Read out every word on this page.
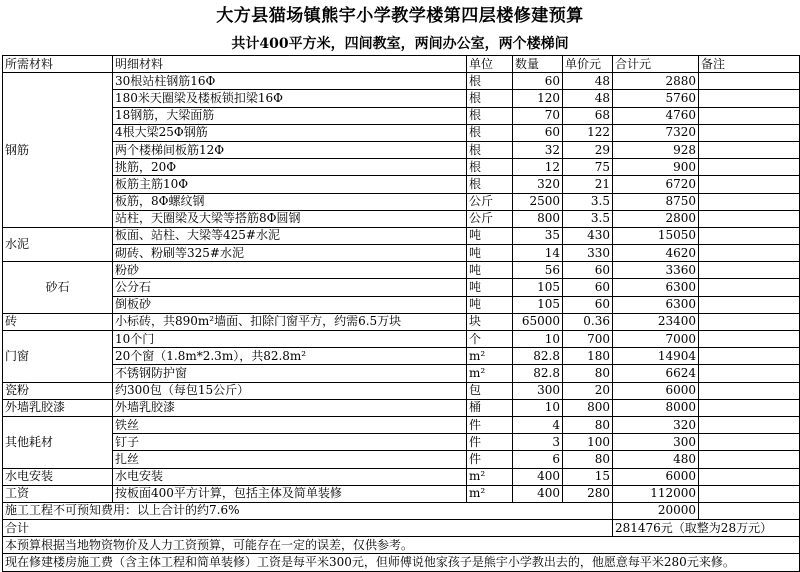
大方县猫场镇熊宇小学教学楼第四层楼修建预算
共计400平方米，四间教室，两间办公室，两个楼梯间
所需材料	明细材料	单位	数量	单价元	合计元	备注
钢筋	30根站柱钢筋16Φ	根	60	48	2880	
	180米天圈梁及楼板锁扣梁16Φ	根	120	48	5760	
	18钢筋，大梁面筋	根	70	68	4760	
	4根大梁25Φ钢筋	根	60	122	7320	
	两个楼梯间板筋12Φ	根	32	29	928	
	挑筋，20Φ	根	12	75	900	
	板筋主筋10Φ	根	320	21	6720	
	板筋，8Φ螺纹钢	公斤	2500	3.5	8750	
	站柱，天圈梁及大梁等搭筋8Φ圆钢	公斤	800	3.5	2800	
水泥	板面、站柱、大梁等425#水泥	吨	35	430	15050	
	砌砖、粉刷等325#水泥	吨	14	330	4620	
砂石	粉砂	吨	56	60	3360	
	公分石	吨	105	60	6300	
	倒板砂	吨	105	60	6300	
砖	小标砖，共890m²墙面、扣除门窗平方，约需6.5万块	块	65000	0.36	23400	
门窗	10个门	个	10	700	7000	
	20个窗（1.8m*2.3m），共82.8m²	m²	82.8	180	14904	
	不锈钢防护窗	m²	82.8	80	6624	
瓷粉	约300包（每包15公斤）	包	300	20	6000	
外墙乳胶漆	外墙乳胶漆	桶	10	800	8000	
其他耗材	铁丝	件	4	80	320	
	钉子	件	3	100	300	
	扎丝	件	6	80	480	
水电安装	水电安装	m²	400	15	6000	
工资	按板面400平方计算，包括主体及简单装修	m²	400	280	112000	
施工工程不可预知费用：以上合计的约7.6%					20000	
合计					281476元（取整为28万元）	
本预算根据当地物资物价及人力工资预算，可能存在一定的误差，仅供参考。						
现在修建楼房施工费（含主体工程和简单装修）工资是每平米300元，但师傅说他家孩子是熊宇小学教出去的，他愿意每平米280元来修。						
